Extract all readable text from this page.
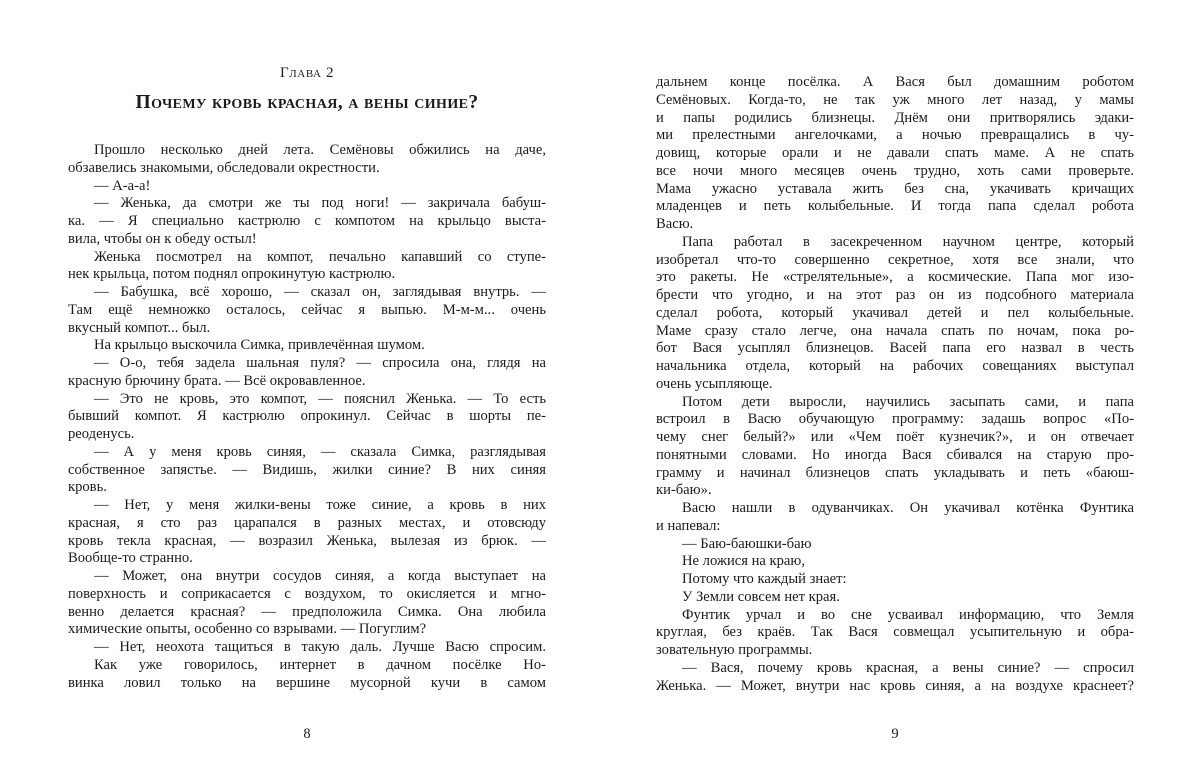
Глава 2
Почему кровь красная, а вены синие?
Прошло несколько дней лета. Семёновы обжились на даче,
обзавелись знакомыми, обследовали окрестности.
— А-а-а!
— Женька, да смотри же ты под ноги! — закричала бабуш-
ка. — Я специально кастрюлю с компотом на крыльцо выста-
вила, чтобы он к обеду остыл!
Женька посмотрел на компот, печально капавший со ступе-
нек крыльца, потом поднял опрокинутую кастрюлю.
— Бабушка, всё хорошо, — сказал он, заглядывая внутрь. —
Там ещё немножко осталось, сейчас я выпью. М-м-м... очень
вкусный компот... был.
На крыльцо выскочила Симка, привлечённая шумом.
— О-о, тебя задела шальная пуля? — спросила она, глядя на
красную брючину брата. — Всё окровавленное.
— Это не кровь, это компот, — пояснил Женька. — То есть
бывший компот. Я кастрюлю опрокинул. Сейчас в шорты пе-
реоденусь.
— А у меня кровь синяя, — сказала Симка, разглядывая
собственное запястье. — Видишь, жилки синие? В них синяя
кровь.
— Нет, у меня жилки-вены тоже синие, а кровь в них
красная, я сто раз царапался в разных местах, и отовсюду
кровь текла красная, — возразил Женька, вылезая из брюк. —
Вообще-то странно.
— Может, она внутри сосудов синяя, а когда выступает на
поверхность и соприкасается с воздухом, то окисляется и мгно-
венно делается красная? — предположила Симка. Она любила
химические опыты, особенно со взрывами. — Погуглим?
— Нет, неохота тащиться в такую даль. Лучше Васю спросим.
Как уже говорилось, интернет в дачном посёлке Но-
винка ловил только на вершине мусорной кучи в самом
8
дальнем конце посёлка. А Вася был домашним роботом
Семёновых. Когда-то, не так уж много лет назад, у мамы
и папы родились близнецы. Днём они притворялись эдаки-
ми прелестными ангелочками, а ночью превращались в чу-
довищ, которые орали и не давали спать маме. А не спать
все ночи много месяцев очень трудно, хоть сами проверьте.
Мама ужасно уставала жить без сна, укачивать кричащих
младенцев и петь колыбельные. И тогда папа сделал робота
Васю.
Папа работал в засекреченном научном центре, который
изобретал что-то совершенно секретное, хотя все знали, что
это ракеты. Не «стрелятельные», а космические. Папа мог изо-
брести что угодно, и на этот раз он из подсобного материала
сделал робота, который укачивал детей и пел колыбельные.
Маме сразу стало легче, она начала спать по ночам, пока ро-
бот Вася усыплял близнецов. Васей папа его назвал в честь
начальника отдела, который на рабочих совещаниях выступал
очень усыпляюще.
Потом дети выросли, научились засыпать сами, и папа
встроил в Васю обучающую программу: задашь вопрос «По-
чему снег белый?» или «Чем поёт кузнечик?», и он отвечает
понятными словами. Но иногда Вася сбивался на старую про-
грамму и начинал близнецов спать укладывать и петь «баюш-
ки-баю».
Васю нашли в одуванчиках. Он укачивал котёнка Фунтика
и напевал:
— Баю-баюшки-баю
Не ложися на краю,
Потому что каждый знает:
У Земли совсем нет края.
Фунтик урчал и во сне усваивал информацию, что Земля
круглая, без краёв. Так Вася совмещал усыпительную и обра-
зовательную программы.
— Вася, почему кровь красная, а вены синие? — спросил
Женька. — Может, внутри нас кровь синяя, а на воздухе краснеет?
9
